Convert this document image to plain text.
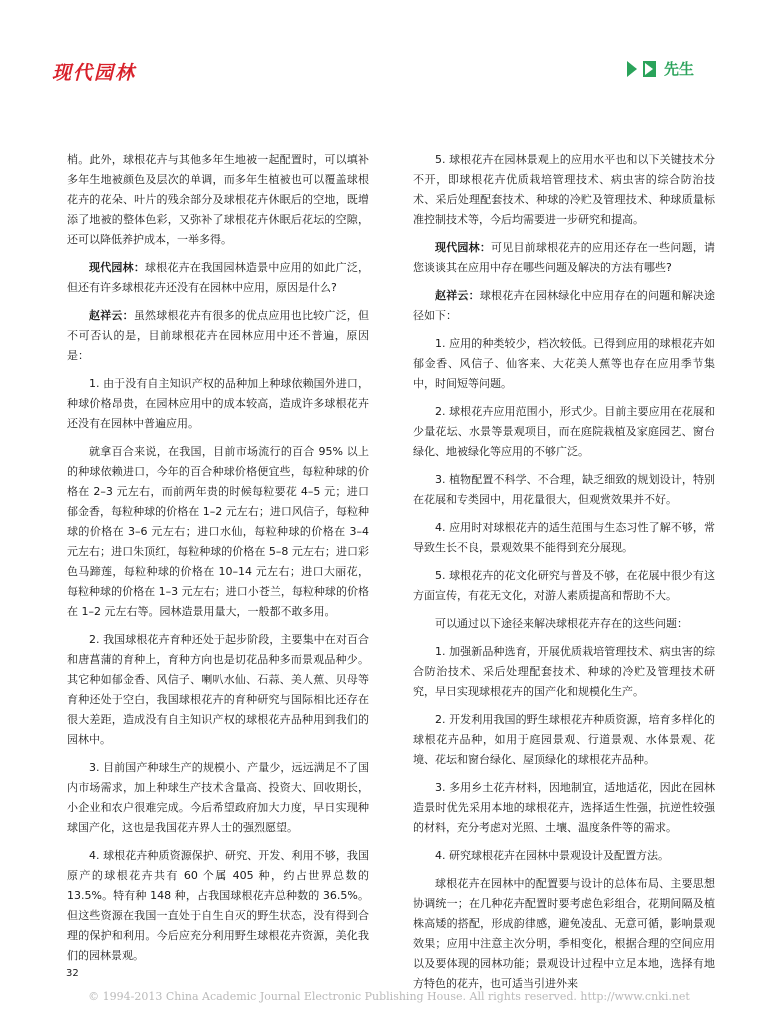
现代园林	先生

梢。此外，球根花卉与其他多年生地被一起配置时，可以填补多年生地被颜色及层次的单调，而多年生植被也可以覆盖球根花卉的花朵、叶片的残余部分及球根花卉休眠后的空地，既增添了地被的整体色彩，又弥补了球根花卉休眠后花坛的空隙，还可以降低养护成本，一举多得。

现代园林：球根花卉在我国园林造景中应用的如此广泛，但还有许多球根花卉还没有在园林中应用，原因是什么?

赵祥云：虽然球根花卉有很多的优点应用也比较广泛，但不可否认的是，目前球根花卉在园林应用中还不普遍，原因是：

1. 由于没有自主知识产权的品种加上种球依赖国外进口，种球价格昂贵，在园林应用中的成本较高，造成许多球根花卉还没有在园林中普遍应用。

就拿百合来说，在我国，目前市场流行的百合 95% 以上的种球依赖进口，今年的百合种球价格便宜些，每粒种球的价格在 2–3 元左右，而前两年贵的时候每粒要花 4–5 元；进口郁金香，每粒种球的价格在 1–2 元左右；进口风信子，每粒种球的价格在 3–6 元左右；进口水仙，每粒种球的价格在 3–4 元左右；进口朱顶红，每粒种球的价格在 5–8 元左右；进口彩色马蹄莲，每粒种球的价格在 10–14 元左右；进口大丽花，每粒种球的价格在 1–3 元左右；进口小苍兰，每粒种球的价格在 1–2 元左右等。园林造景用量大，一般都不敢多用。

2. 我国球根花卉育种还处于起步阶段，主要集中在对百合和唐菖蒲的育种上，育种方向也是切花品种多而景观品种少。其它种如郁金香、风信子、喇叭水仙、石蒜、美人蕉、贝母等育种还处于空白，我国球根花卉的育种研究与国际相比还存在很大差距，造成没有自主知识产权的球根花卉品种用到我们的园林中。

3. 目前国产种球生产的规模小、产量少，远远满足不了国内市场需求，加上种球生产技术含量高、投资大、回收期长，小企业和农户很难完成。今后希望政府加大力度，早日实现种球国产化，这也是我国花卉界人士的强烈愿望。

4. 球根花卉种质资源保护、研究、开发、利用不够，我国原产的球根花卉共有 60 个属 405 种，约占世界总数的 13.5%。特有种 148 种，占我国球根花卉总种数的 36.5%。但这些资源在我国一直处于自生自灭的野生状态，没有得到合理的保护和利用。今后应充分利用野生球根花卉资源，美化我们的园林景观。

5. 球根花卉在园林景观上的应用水平也和以下关键技术分不开，即球根花卉优质栽培管理技术、病虫害的综合防治技术、采后处理配套技术、种球的冷贮及管理技术、种球质量标准控制技术等，今后均需要进一步研究和提高。

现代园林：可见目前球根花卉的应用还存在一些问题，请您谈谈其在应用中存在哪些问题及解决的方法有哪些?

赵祥云：球根花卉在园林绿化中应用存在的问题和解决途径如下：

1. 应用的种类较少，档次较低。已得到应用的球根花卉如郁金香、风信子、仙客来、大花美人蕉等也存在应用季节集中，时间短等问题。

2. 球根花卉应用范围小，形式少。目前主要应用在花展和少量花坛、水景等景观项目，而在庭院栽植及家庭园艺、窗台绿化、地被绿化等应用的不够广泛。

3. 植物配置不科学、不合理，缺乏细致的规划设计，特别在花展和专类园中，用花量很大，但观赏效果并不好。

4. 应用时对球根花卉的适生范围与生态习性了解不够，常导致生长不良，景观效果不能得到充分展现。

5. 球根花卉的花文化研究与普及不够，在花展中很少有这方面宣传，有花无文化，对游人素质提高和帮助不大。

可以通过以下途径来解决球根花卉存在的这些问题：

1. 加强新品种选育，开展优质栽培管理技术、病虫害的综合防治技术、采后处理配套技术、种球的冷贮及管理技术研究，早日实现球根花卉的国产化和规模化生产。

2. 开发利用我国的野生球根花卉种质资源，培育多样化的球根花卉品种，如用于庭园景观、行道景观、水体景观、花境、花坛和窗台绿化、屋顶绿化的球根花卉品种。

3. 多用乡土花卉材料，因地制宜，适地适花，因此在园林造景时优先采用本地的球根花卉，选择适生性强，抗逆性较强的材料，充分考虑对光照、土壤、温度条件等的需求。

4. 研究球根花卉在园林中景观设计及配置方法。

球根花卉在园林中的配置要与设计的总体布局、主要思想协调统一；在几种花卉配置时要考虑色彩组合，花期间隔及植株高矮的搭配，形成韵律感，避免凌乱、无意可循，影响景观效果；应用中注意主次分明，季相变化，根据合理的空间应用以及要体现的园林功能；景观设计过程中立足本地，选择有地方特色的花卉，也可适当引进外来

32
© 1994-2013 China Academic Journal Electronic Publishing House. All rights reserved. http://www.cnki.net
